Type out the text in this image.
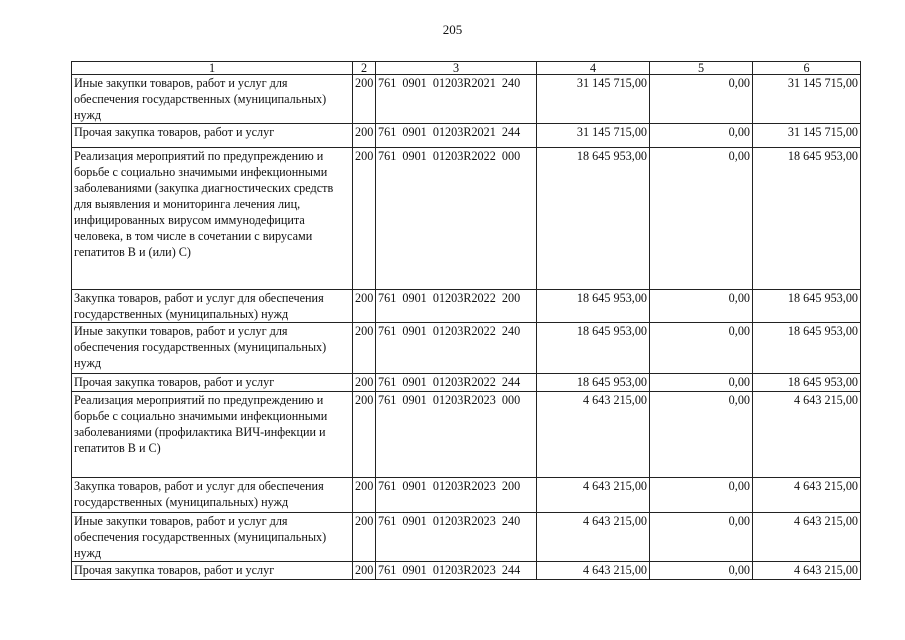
205
1	2	3	4	5	6
Иные закупки товаров, работ и услуг для обеспечения государственных (муниципальных) нужд	200	761  0901  01203R2021  240	31 145 715,00	0,00	31 145 715,00
Прочая закупка товаров, работ и услуг	200	761  0901  01203R2021  244	31 145 715,00	0,00	31 145 715,00
Реализация мероприятий по предупреждению и борьбе с социально значимыми инфекционными заболеваниями (закупка диагностических средств для выявления и мониторинга лечения лиц, инфицированных вирусом иммунодефицита человека, в том числе в сочетании с вирусами гепатитов В и (или) С)	200	761  0901  01203R2022  000	18 645 953,00	0,00	18 645 953,00
Закупка товаров, работ и услуг для обеспечения государственных (муниципальных) нужд	200	761  0901  01203R2022  200	18 645 953,00	0,00	18 645 953,00
Иные закупки товаров, работ и услуг для обеспечения государственных (муниципальных) нужд	200	761  0901  01203R2022  240	18 645 953,00	0,00	18 645 953,00
Прочая закупка товаров, работ и услуг	200	761  0901  01203R2022  244	18 645 953,00	0,00	18 645 953,00
Реализация мероприятий по предупреждению и борьбе с социально значимыми инфекционными заболеваниями (профилактика ВИЧ-инфекции и гепатитов В и С)	200	761  0901  01203R2023  000	4 643 215,00	0,00	4 643 215,00
Закупка товаров, работ и услуг для обеспечения государственных (муниципальных) нужд	200	761  0901  01203R2023  200	4 643 215,00	0,00	4 643 215,00
Иные закупки товаров, работ и услуг для обеспечения государственных (муниципальных) нужд	200	761  0901  01203R2023  240	4 643 215,00	0,00	4 643 215,00
Прочая закупка товаров, работ и услуг	200	761  0901  01203R2023  244	4 643 215,00	0,00	4 643 215,00
